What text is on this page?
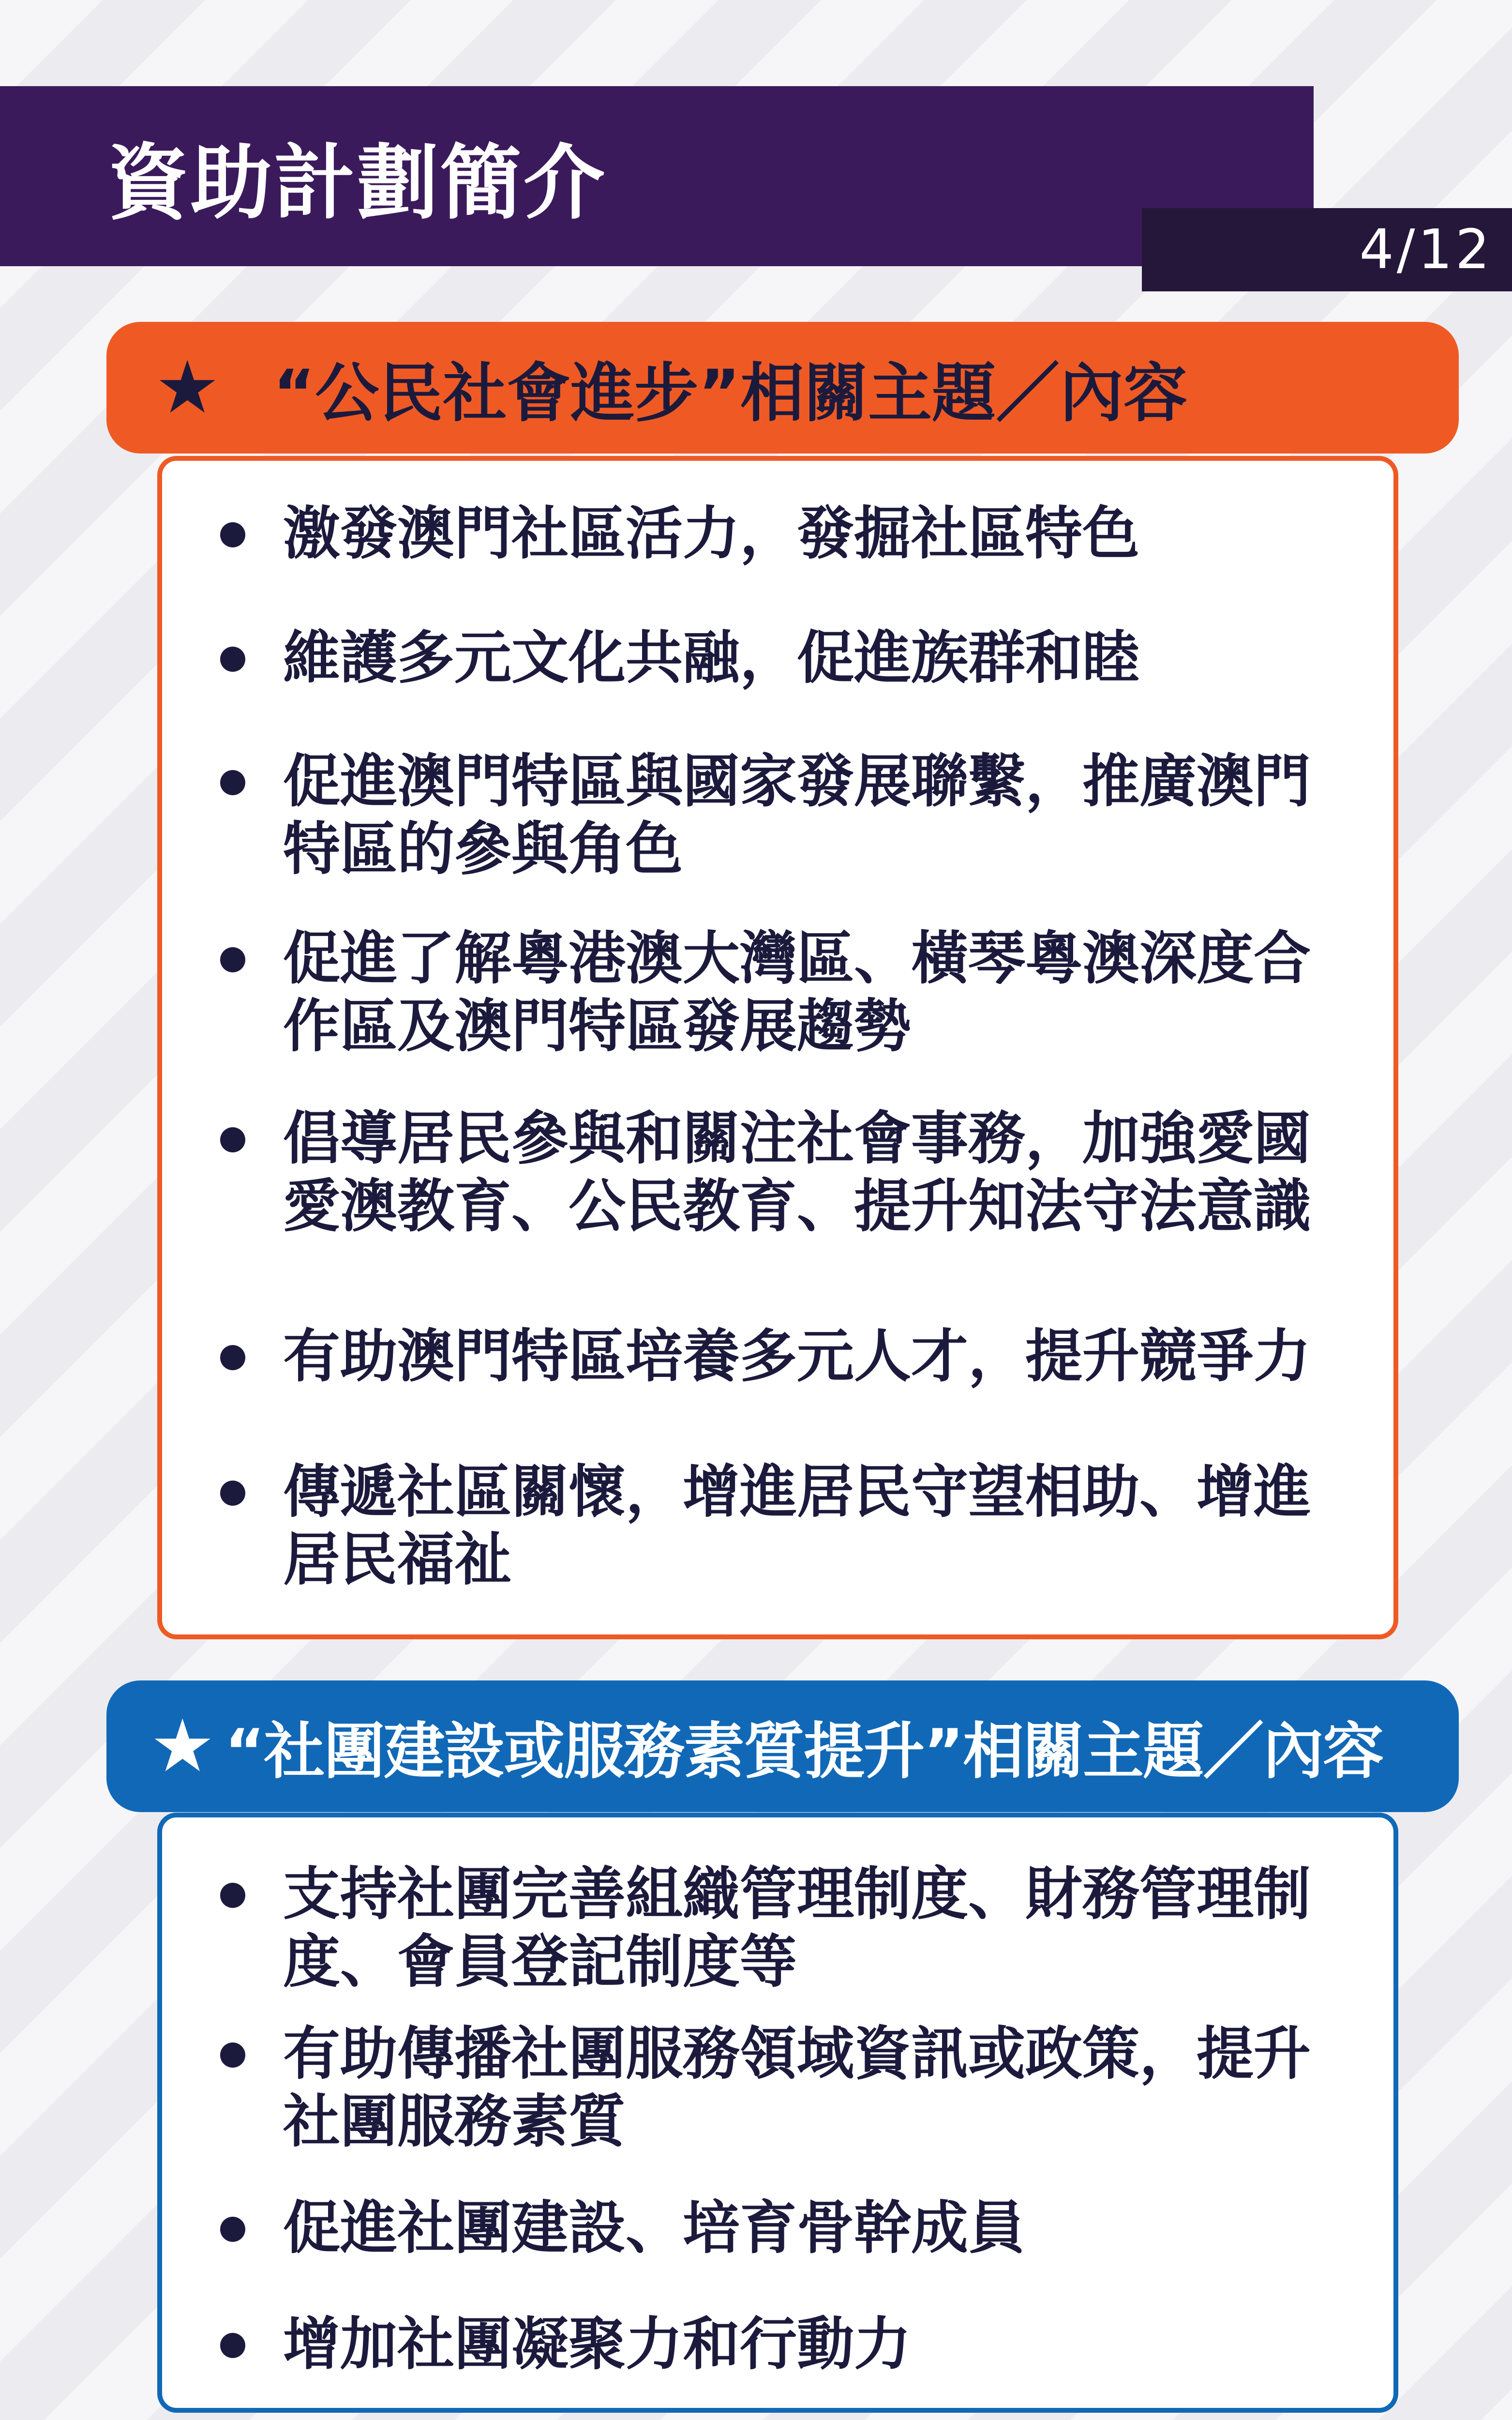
資助計劃簡介
4/12
★ “公民社會進步”相關主題／內容
激發澳門社區活力，發掘社區特色
維護多元文化共融，促進族群和睦
促進澳門特區與國家發展聯繫，推廣澳門特區的參與角色
促進了解粵港澳大灣區、橫琴粵澳深度合作區及澳門特區發展趨勢
倡導居民參與和關注社會事務，加強愛國愛澳教育、公民教育、提升知法守法意識
有助澳門特區培養多元人才，提升競爭力
傳遞社區關懷，增進居民守望相助、增進居民福祉
★ “社團建設或服務素質提升”相關主題／內容
支持社團完善組織管理制度、財務管理制度、會員登記制度等
有助傳播社團服務領域資訊或政策，提升社團服務素質
促進社團建設、培育骨幹成員
增加社團凝聚力和行動力
